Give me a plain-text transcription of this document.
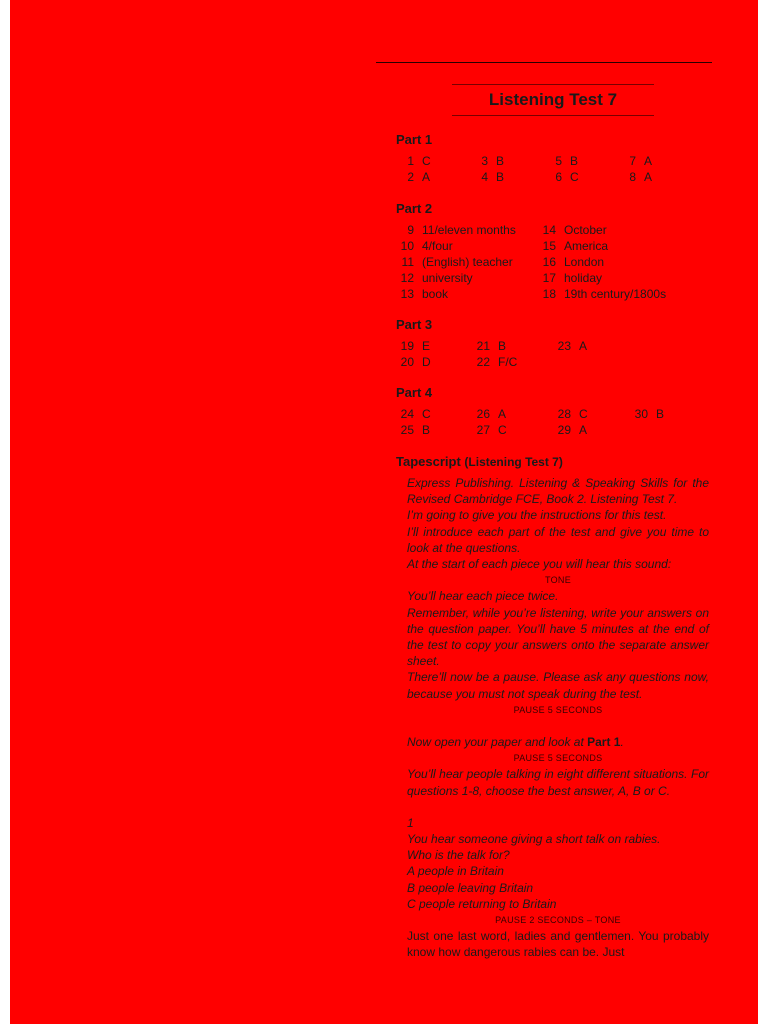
Listening Test 7
Part 1
1 C
2 A
3 B
4 B
5 B
6 C
7 A
8 A
Part 2
9 11/eleven months
10 4/four
11 (English) teacher
12 university
13 book
14 October
15 America
16 London
17 holiday
18 19th century/1800s
Part 3
19 E
20 D
21 B
22 F/C
23 A
Part 4
24 C
25 B
26 A
27 C
28 C
29 A
30 B
Tapescript (Listening Test 7)
Express Publishing. Listening & Speaking Skills for the Revised Cambridge FCE, Book 2. Listening Test 7.
I’m going to give you the instructions for this test.
I’ll introduce each part of the test and give you time to look at the questions.
At the start of each piece you will hear this sound:
TONE
You’ll hear each piece twice.
Remember, while you’re listening, write your answers on the question paper. You’ll have 5 minutes at the end of the test to copy your answers onto the separate answer sheet.
There’ll now be a pause. Please ask any questions now, because you must not speak during the test.
PAUSE 5 SECONDS
Now open your paper and look at Part 1.
PAUSE 5 SECONDS
You’ll hear people talking in eight different situations. For questions 1-8, choose the best answer, A, B or C.
1
You hear someone giving a short talk on rabies.
Who is the talk for?
A people in Britain
B people leaving Britain
C people returning to Britain
PAUSE 2 SECONDS – TONE
Just one last word, ladies and gentlemen. You probably know how dangerous rabies can be. Just
